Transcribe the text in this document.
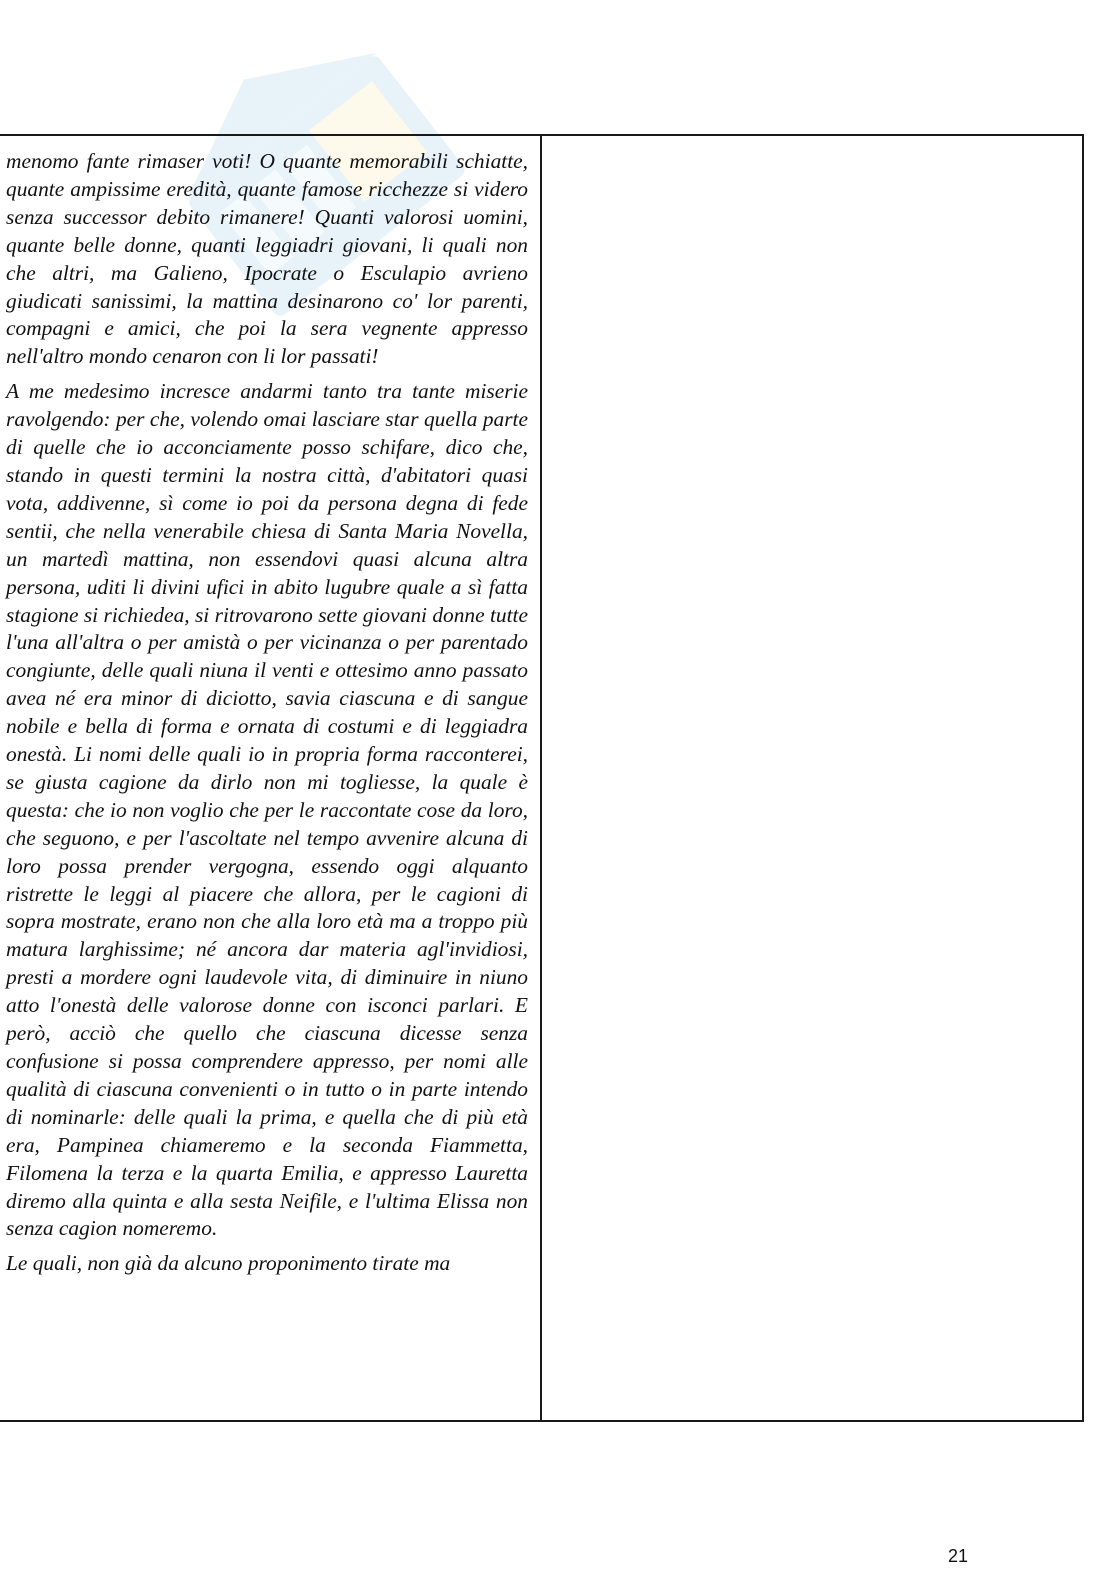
menomo fante rimaser voti! O quante memorabili schiatte, quante ampissime eredità, quante famose ricchezze si videro senza successor debito rimanere! Quanti valorosi uomini, quante belle donne, quanti leggiadri giovani, li quali non che altri, ma Galieno, Ipocrate o Esculapio avrieno giudicati sanissimi, la mattina desinarono co' lor parenti, compagni e amici, che poi la sera vegnente appresso nell'altro mondo cenaron con li lor passati!

A me medesimo incresce andarmi tanto tra tante miserie ravolgendo: per che, volendo omai lasciare star quella parte di quelle che io acconciamente posso schifare, dico che, stando in questi termini la nostra città, d'abitatori quasi vota, addivenne, sì come io poi da persona degna di fede sentii, che nella venerabile chiesa di Santa Maria Novella, un martedì mattina, non essendovi quasi alcuna altra persona, uditi li divini ufici in abito lugubre quale a sì fatta stagione si richiedea, si ritrovarono sette giovani donne tutte l'una all'altra o per amistà o per vicinanza o per parentado congiunte, delle quali niuna il venti e ottesimo anno passato avea né era minor di diciotto, savia ciascuna e di sangue nobile e bella di forma e ornata di costumi e di leggiadra onestà. Li nomi delle quali io in propria forma racconterei, se giusta cagione da dirlo non mi togliesse, la quale è questa: che io non voglio che per le raccontate cose da loro, che seguono, e per l'ascoltate nel tempo avvenire alcuna di loro possa prender vergogna, essendo oggi alquanto ristrette le leggi al piacere che allora, per le cagioni di sopra mostrate, erano non che alla loro età ma a troppo più matura larghissime; né ancora dar materia agl'invidiosi, presti a mordere ogni laudevole vita, di diminuire in niuno atto l'onestà delle valorose donne con isconci parlari. E però, acciò che quello che ciascuna dicesse senza confusione si possa comprendere appresso, per nomi alle qualità di ciascuna convenienti o in tutto o in parte intendo di nominarle: delle quali la prima, e quella che di più età era, Pampinea chiameremo e la seconda Fiammetta, Filomena la terza e la quarta Emilia, e appresso Lauretta diremo alla quinta e alla sesta Neifile, e l'ultima Elissa non senza cagion nomeremo.

Le quali, non già da alcuno proponimento tirate ma

21
